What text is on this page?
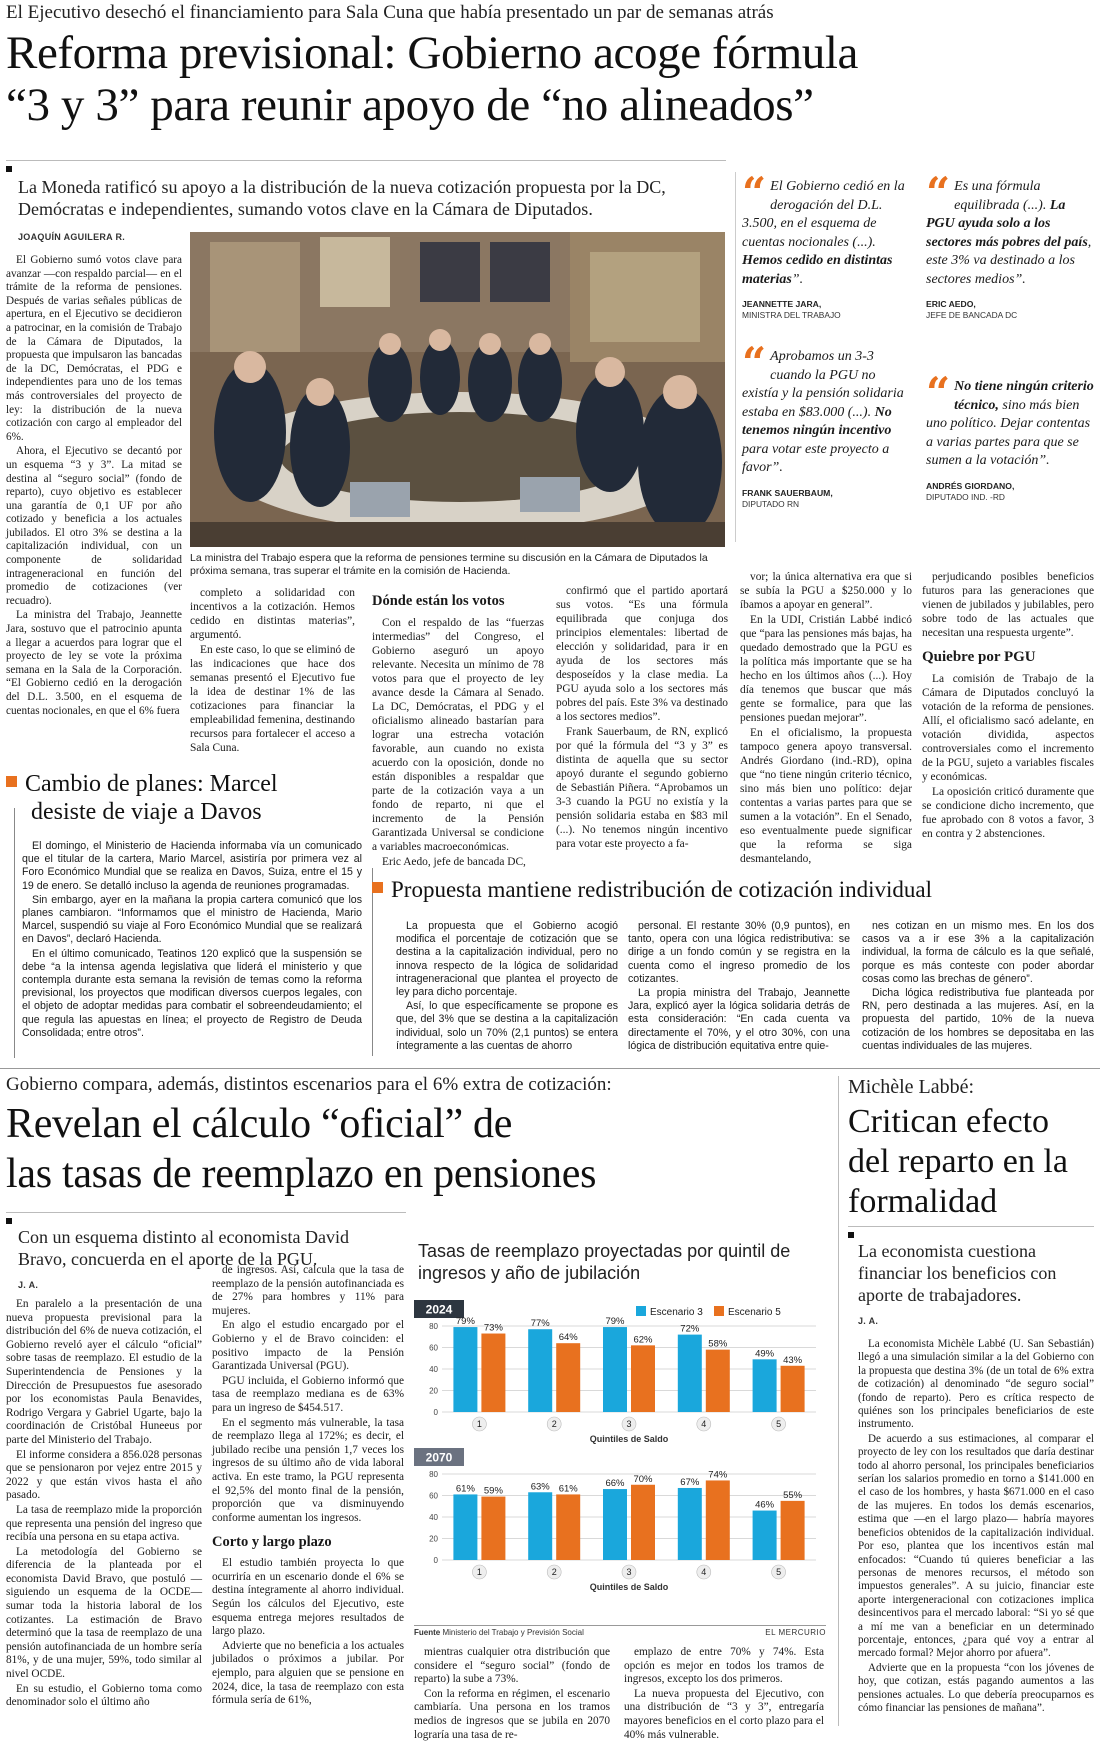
El Ejecutivo desechó el financiamiento para Sala Cuna que había presentado un par de semanas atrás
Reforma previsional: Gobierno acoge fórmula
“3 y 3” para reunir apoyo de “no alineados”
La Moneda ratificó su apoyo a la distribución de la nueva cotización propuesta por la DC, Demócratas e independientes, sumando votos clave en la Cámara de Diputados.
JOAQUÍN AGUILERA R.
La ministra del Trabajo espera que la reforma de pensiones termine su discusión en la Cámara de Diputados la próxima semana, tras superar el trámite en la comisión de Hacienda.

El Gobierno sumó votos clave para avanzar —con respaldo parcial— en el trámite de la reforma de pensiones. Después de varias señales públicas de apertura, en el Ejecutivo se decidieron a patrocinar, en la comisión de Trabajo de la Cámara de Diputados, la propuesta que impulsaron las bancadas de la DC, Demócratas, el PDG e independientes para uno de los temas más controversiales del proyecto de ley: la distribución de la nueva cotización con cargo al empleador del 6%.

Ahora, el Ejecutivo se decantó por un esquema “3 y 3”. La mitad se destina al “seguro social” (fondo de reparto), cuyo objetivo es establecer una garantía de 0,1 UF por año cotizado y beneficia a los actuales jubilados. El otro 3% se destina a la capitalización individual, con un componente de solidaridad intrageneracional en función del promedio de cotizaciones (ver recuadro).

La ministra del Trabajo, Jeannette Jara, sostuvo que el patrocinio apunta a llegar a acuerdos para lograr que el proyecto de ley se vote la próxima semana en la Sala de la Corporación. “El Gobierno cedió en la derogación del D.L. 3.500, en el esquema de cuentas nocionales, en que el 6% fuera

completo a solidaridad con incentivos a la cotización. Hemos cedido en distintas materias”, argumentó.

En este caso, lo que se eliminó de las indicaciones que hace dos semanas presentó el Ejecutivo fue la idea de destinar 1% de las cotizaciones para financiar la empleabilidad femenina, destinando recursos para fortalecer el acceso a Sala Cuna.

Dónde están los votos

Con el respaldo de las “fuerzas intermedias” del Congreso, el Gobierno aseguró un apoyo relevante. Necesita un mínimo de 78 votos para que el proyecto de ley avance desde la Cámara al Senado. La DC, Demócratas, el PDG y el oficialismo alineado bastarían para lograr una estrecha votación favorable, aun cuando no exista acuerdo con la oposición, donde no están disponibles a respaldar que parte de la cotización vaya a un fondo de reparto, ni que el incremento de la Pensión Garantizada Universal se condicione a variables macroeconómicas.

Eric Aedo, jefe de bancada DC,

confirmó que el partido aportará sus votos. “Es una fórmula equilibrada que conjuga dos principios elementales: libertad de elección y solidaridad, para ir en ayuda de los sectores más desposeídos y la clase media. La PGU ayuda solo a los sectores más pobres del país. Este 3% va destinado a los sectores medios”.

Frank Sauerbaum, de RN, explicó por qué la fórmula del “3 y 3” es distinta de aquella que su sector apoyó durante el segundo gobierno de Sebastián Piñera. “Aprobamos un 3-3 cuando la PGU no existía y la pensión solidaria estaba en $83 mil (...). No tenemos ningún incentivo para votar este proyecto a fa-

vor; la única alternativa era que si se subía la PGU a $250.000 y lo íbamos a apoyar en general”.

En la UDI, Cristián Labbé indicó que “para las pensiones más bajas, ha quedado demostrado que la PGU es la política más importante que se ha hecho en los últimos años (...). Hoy día tenemos que buscar que más gente se formalice, para que las pensiones puedan mejorar”.

En el oficialismo, la propuesta tampoco genera apoyo transversal. Andrés Giordano (ind.-RD), opina que “no tiene ningún criterio técnico, sino más bien uno político: dejar contentas a varias partes para que se sumen a la votación”. En el Senado, eso eventualmente puede significar que la reforma se siga desmantelando,

perjudicando posibles beneficios futuros para las generaciones que vienen de jubilados y jubilables, pero sobre todo de las actuales que necesitan una respuesta urgente”.

Quiebre por PGU

La comisión de Trabajo de la Cámara de Diputados concluyó la votación de la reforma de pensiones. Allí, el oficialismo sacó adelante, en votación dividida, aspectos controversiales como el incremento de la PGU, sujeto a variables fiscales y económicas.

La oposición criticó duramente que se condicione dicho incremento, que fue aprobado con 8 votos a favor, 3 en contra y 2 abstenciones.

“ El Gobierno cedió en la derogación del D.L. 3.500, en el esquema de cuentas nocionales (...). Hemos cedido en distintas materias”.
JEANNETTE JARA,
MINISTRA DEL TRABAJO
“ Aprobamos un 3-3 cuando la PGU no existía y la pensión solidaria estaba en $83.000 (...). No tenemos ningún incentivo para votar este proyecto a favor”.
FRANK SAUERBAUM,
DIPUTADO RN
“ Es una fórmula equilibrada (...). La PGU ayuda solo a los sectores más pobres del país, este 3% va destinado a los sectores medios”.
ERIC AEDO,
JEFE DE BANCADA DC
“ No tiene ningún criterio técnico, sino más bien uno político. Dejar contentas a varias partes para que se sumen a la votación”.
ANDRÉS GIORDANO,
DIPUTADO IND. -RD
Cambio de planes: Marcel
desiste de viaje a Davos

El domingo, el Ministerio de Hacienda informaba vía un comunicado que el titular de la cartera, Mario Marcel, asistiría por primera vez al Foro Económico Mundial que se realiza en Davos, Suiza, entre el 15 y 19 de enero. Se detalló incluso la agenda de reuniones programadas.

Sin embargo, ayer en la mañana la propia cartera comunicó que los planes cambiaron. “Informamos que el ministro de Hacienda, Mario Marcel, suspendió su viaje al Foro Económico Mundial que se realizará en Davos”, declaró Hacienda.

En el último comunicado, Teatinos 120 explicó que la suspensión se debe “a la intensa agenda legislativa que liderá el ministerio y que contempla durante esta semana la revisión de temas como la reforma previsional, los proyectos que modifican diversos cuerpos legales, con el objeto de adoptar medidas para combatir el sobreendeudamiento; el que regula las apuestas en línea; el proyecto de Registro de Deuda Consolidada; entre otros”.

Propuesta mantiene redistribución de cotización individual

La propuesta que el Gobierno acogió modifica el porcentaje de cotización que se destina a la capitalización individual, pero no innova respecto de la lógica de solidaridad intrageneracional que plantea el proyecto de ley para dicho porcentaje.

Así, lo que específicamente se propone es que, del 3% que se destina a la capitalización individual, solo un 70% (2,1 puntos) se entera íntegramente a las cuentas de ahorro

personal. El restante 30% (0,9 puntos), en tanto, opera con una lógica redistributiva: se dirige a un fondo común y se registra en la cuenta como el ingreso promedio de los cotizantes.

La propia ministra del Trabajo, Jeannette Jara, explicó ayer la lógica solidaria detrás de esta consideración: “En cada cuenta va directamente el 70%, y el otro 30%, con una lógica de distribución equitativa entre quie-

nes cotizan en un mismo mes. En los dos casos va a ir ese 3% a la capitalización individual, la forma de cálculo es la que señalé, porque es más conteste con poder abordar cosas como las brechas de género”.

Dicha lógica redistributiva fue planteada por RN, pero destinada a las mujeres. Así, en la propuesta del partido, 10% de la nueva cotización de los hombres se depositaba en las cuentas individuales de las mujeres.

Gobierno compara, además, distintos escenarios para el 6% extra de cotización:
Revelan el cálculo “oficial” de
las tasas de reemplazo en pensiones
Con un esquema distinto al economista David Bravo, concuerda en el aporte de la PGU.
J. A.

En paralelo a la presentación de una nueva propuesta previsional para la distribución del 6% de nueva cotización, el Gobierno reveló ayer el cálculo “oficial” sobre tasas de reemplazo. El estudio de la Superintendencia de Pensiones y la Dirección de Presupuestos fue asesorado por los economistas Paula Benavides, Rodrigo Vergara y Gabriel Ugarte, bajo la coordinación de Cristóbal Huneeus por parte del Ministerio del Trabajo.

El informe considera a 856.028 personas que se pensionaron por vejez entre 2015 y 2022 y que están vivos hasta el año pasado.

La tasa de reemplazo mide la proporción que representa una pensión del ingreso que recibía una persona en su etapa activa.

La metodología del Gobierno se diferencia de la planteada por el economista David Bravo, que postuló —siguiendo un esquema de la OCDE— sumar toda la historia laboral de los cotizantes. La estimación de Bravo determinó que la tasa de reemplazo de una pensión autofinanciada de un hombre sería 81%, y de una mujer, 59%, todo similar al nivel OCDE.

En su estudio, el Gobierno toma como denominador solo el último año

de ingresos. Así, calcula que la tasa de reemplazo de la pensión autofinanciada es de 27% para hombres y 11% para mujeres.

En algo el estudio encargado por el Gobierno y el de Bravo coinciden: el positivo impacto de la Pensión Garantizada Universal (PGU).

PGU incluida, el Gobierno informó que tasa de reemplazo mediana es de 63% para un ingreso de $454.517.

En el segmento más vulnerable, la tasa de reemplazo llega al 172%; es decir, el jubilado recibe una pensión 1,7 veces los ingresos de su último año de vida laboral activa. En este tramo, la PGU representa el 92,5% del monto final de la pensión, proporción que va disminuyendo conforme aumentan los ingresos.

Corto y largo plazo

El estudio también proyecta lo que ocurriría en un escenario donde el 6% se destina íntegramente al ahorro individual. Según los cálculos del Ejecutivo, este esquema entrega mejores resultados de largo plazo.

Advierte que no beneficia a los actuales jubilados o próximos a jubilar. Por ejemplo, para alguien que se pensione en 2024, dice, la tasa de reemplazo con esta fórmula sería de 61%,

Tasas de reemplazo proyectadas por quintil de ingresos y año de jubilación
Escenario 3	Escenario 5
2024
0
20
40
60
80 79%
73%
1
77%
64%
2
79%
62%
3
72%
58%
4
49%
43%
5
Quintiles de Saldo
2070
0
20
40
60
80
61% 59%
1
63% 61%
2
66% 70%
3
67%
74%
4
46%
55%
5
Quintiles de Saldo
Fuente Ministerio del Trabajo y Previsión Social	EL MERCURIO

mientras cualquier otra distribución que considere el “seguro social” (fondo de reparto) la sube a 73%.

Con la reforma en régimen, el escenario cambiaría. Una persona en los tramos medios de ingresos que se jubila en 2070 lograría una tasa de re-

emplazo de entre 70% y 74%. Esta opción es mejor en todos los tramos de ingresos, excepto los dos primeros.

La nueva propuesta del Ejecutivo, con una distribución de “3 y 3”, entregaría mayores beneficios en el corto plazo para el 40% más vulnerable.

Michèle Labbé:
Critican efecto del reparto en la formalidad
La economista cuestiona financiar los beneficios con aporte de trabajadores.
J. A.

La economista Michèle Labbé (U. San Sebastián) llegó a una simulación similar a la del Gobierno con la propuesta que destina 3% (de un total de 6% extra de cotización) al denominado “de seguro social” (fondo de reparto). Pero es crítica respecto de quiénes son los principales beneficiarios de este instrumento.

De acuerdo a sus estimaciones, al comparar el proyecto de ley con los resultados que daría destinar todo al ahorro personal, los principales beneficiarios serían los salarios promedio en torno a $141.000 en el caso de los hombres, y hasta $671.000 en el caso de las mujeres. En todos los demás escenarios, estima que —en el largo plazo— habría mayores beneficios obtenidos de la capitalización individual. Por eso, plantea que los incentivos están mal enfocados: “Cuando tú quieres beneficiar a las personas de menores recursos, el método son impuestos generales”. A su juicio, financiar este aporte intergeneracional con cotizaciones implica desincentivos para el mercado laboral: “Si yo sé que a mí me van a beneficiar en un determinado porcentaje, entonces, ¿para qué voy a entrar al mercado formal? Mejor ahorro por afuera”.

Advierte que en la propuesta “con los jóvenes de hoy, que cotizan, estás pagando aumentos a las pensiones actuales. Lo que debería preocuparnos es cómo financiar las pensiones de mañana”.
